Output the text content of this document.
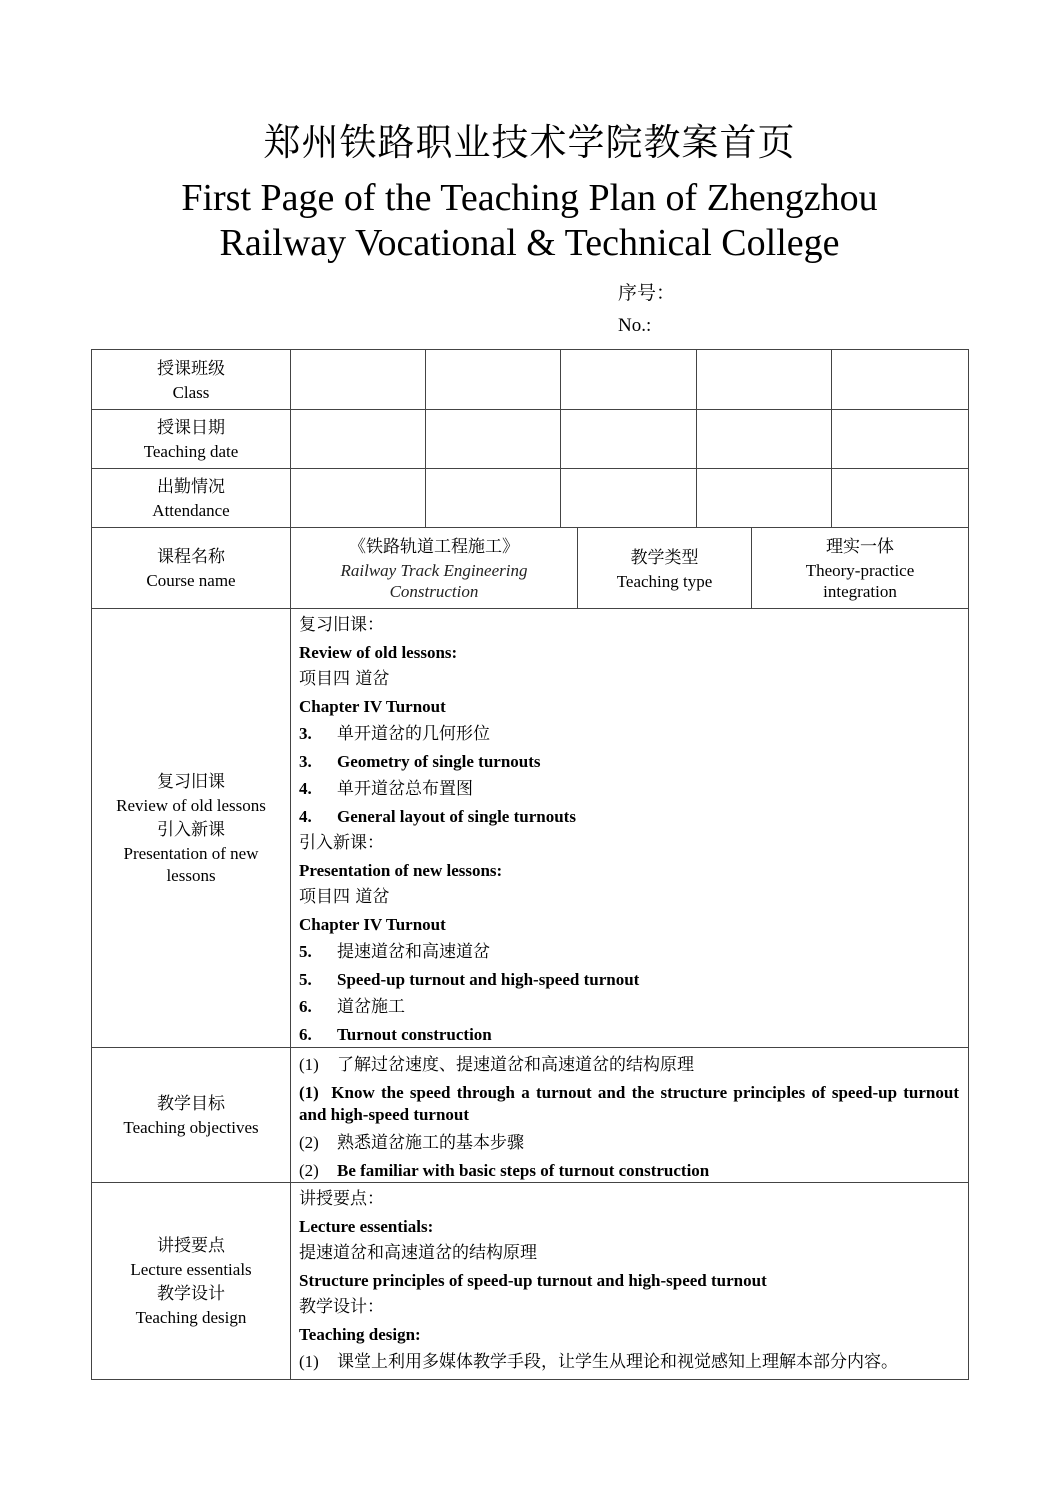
郑州铁路职业技术学院教案首页
First Page of the Teaching Plan of Zhengzhou
Railway Vocational & Technical College
序号：
No.:
授课班级
Class
授课日期
Teaching date
出勤情况
Attendance
课程名称
Course name
《铁路轨道工程施工》
Railway Track Engineering
Construction
教学类型
Teaching type
理实一体
Theory-practice
integration
复习旧课
Review of old lessons
引入新课
Presentation of new
lessons
复习旧课：
Review of old lessons:
项目四 道岔
Chapter IV Turnout
3. 单开道岔的几何形位
3. Geometry of single turnouts
4. 单开道岔总布置图
4. General layout of single turnouts
引入新课：
Presentation of new lessons:
项目四 道岔
Chapter IV Turnout
5. 提速道岔和高速道岔
5. Speed-up turnout and high-speed turnout
6. 道岔施工
6. Turnout construction
教学目标
Teaching objectives
(1) 了解过岔速度、提速道岔和高速道岔的结构原理
(1) Know the speed through a turnout and the structure principles of speed-up turnout and high-speed turnout
(2) 熟悉道岔施工的基本步骤
(2) Be familiar with basic steps of turnout construction
讲授要点
Lecture essentials
教学设计
Teaching design
讲授要点：
Lecture essentials:
提速道岔和高速道岔的结构原理
Structure principles of speed-up turnout and high-speed turnout
教学设计：
Teaching design:
(1) 课堂上利用多媒体教学手段，让学生从理论和视觉感知上理解本部分内容。
